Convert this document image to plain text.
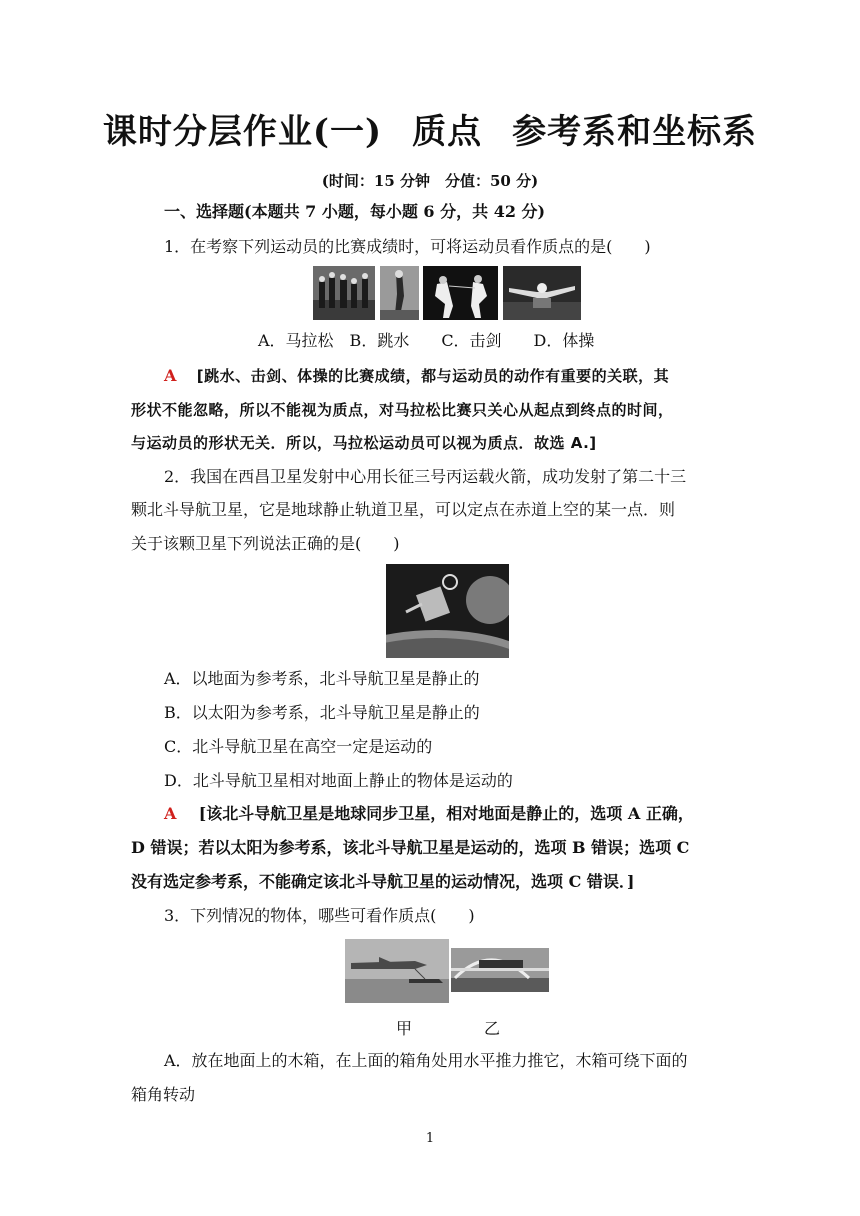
课时分层作业(一) 质点 参考系和坐标系
(时间：15 分钟　分值：50 分)
一、选择题(本题共 7 小题，每小题 6 分，共 42 分)
1．在考察下列运动员的比赛成绩时，可将运动员看作质点的是(　　)
A．马拉松　B．跳水　　C．击剑　　D．体操
A [跳水、击剑、体操的比赛成绩，都与运动员的动作有重要的关联，其
形状不能忽略，所以不能视为质点，对马拉松比赛只关心从起点到终点的时间，
与运动员的形状无关．所以，马拉松运动员可以视为质点．故选 A.]
2．我国在西昌卫星发射中心用长征三号丙运载火箭，成功发射了第二十三
颗北斗导航卫星，它是地球静止轨道卫星，可以定点在赤道上空的某一点．则
关于该颗卫星下列说法正确的是(　　)
A．以地面为参考系，北斗导航卫星是静止的
B．以太阳为参考系，北斗导航卫星是静止的
C．北斗导航卫星在高空一定是运动的
D．北斗导航卫星相对地面上静止的物体是运动的
A [该北斗导航卫星是地球同步卫星，相对地面是静止的，选项 A 正确，
D 错误；若以太阳为参考系，该北斗导航卫星是运动的，选项 B 错误；选项 C
没有选定参考系，不能确定该北斗导航卫星的运动情况，选项 C 错误．]
3．下列情况的物体，哪些可看作质点(　　)
甲	乙
A．放在地面上的木箱，在上面的箱角处用水平推力推它，木箱可绕下面的
箱角转动
1
